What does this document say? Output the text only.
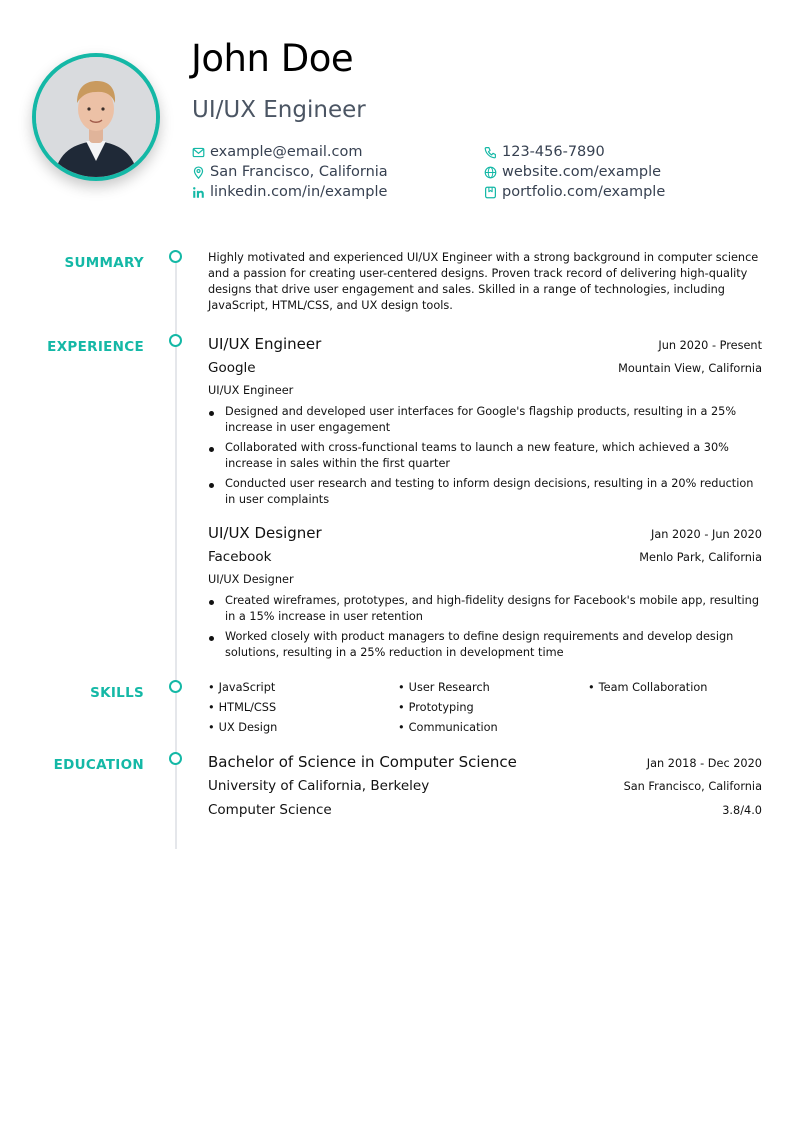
John Doe
UI/UX Engineer
example@email.com	123-456-7890
San Francisco, California	website.com/example
linkedin.com/in/example	portfolio.com/example
SUMMARY	Highly motivated and experienced UI/UX Engineer with a strong background in computer science and a passion for creating user-centered designs. Proven track record of delivering high-quality designs that drive user engagement and sales. Skilled in a range of technologies, including JavaScript, HTML/CSS, and UX design tools.

EXPERIENCE	UI/UX Engineer	Jun 2020 - Present
Google	Mountain View, California
UI/UX Engineer
Designed and developed user interfaces for Google's flagship products, resulting in a 25% increase in user engagement
Collaborated with cross-functional teams to launch a new feature, which achieved a 30% increase in sales within the first quarter
Conducted user research and testing to inform design decisions, resulting in a 20% reduction in user complaints
UI/UX Designer	Jan 2020 - Jun 2020
Facebook	Menlo Park, California
UI/UX Designer
Created wireframes, prototypes, and high-fidelity designs for Facebook's mobile app, resulting in a 15% increase in user retention
Worked closely with product managers to define design requirements and develop design solutions, resulting in a 25% reduction in development time
SKILLS	• JavaScript	• User Research	• Team Collaboration
• HTML/CSS	• Prototyping
• UX Design	• Communication
EDUCATION	Bachelor of Science in Computer Science	Jan 2018 - Dec 2020
University of California, Berkeley	San Francisco, California
Computer Science	3.8/4.0
